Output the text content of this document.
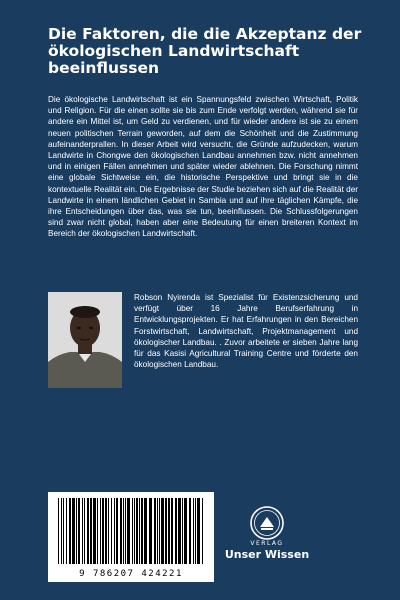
Die Faktoren, die die Akzeptanz der ökologischen Landwirtschaft beeinflussen

Die ökologische Landwirtschaft ist ein Spannungsfeld zwischen Wirtschaft, Politik und Religion. Für die einen sollte sie bis zum Ende verfolgt werden, während sie für andere ein Mittel ist, um Geld zu verdienen, und für wieder andere ist sie zu einem neuen politischen Terrain geworden, auf dem die Schönheit und die Zustimmung aufeinanderprallen. In dieser Arbeit wird versucht, die Gründe aufzudecken, warum Landwirte in Chongwe den ökologischen Landbau annehmen bzw. nicht annehmen und in einigen Fällen annehmen und später wieder ablehnen. Die Forschung nimmt eine globale Sichtweise ein, die historische Perspektive und bringt sie in die kontextuelle Realität ein. Die Ergebnisse der Studie beziehen sich auf die Realität der Landwirte in einem ländlichen Gebiet in Sambia und auf ihre täglichen Kämpfe, die ihre Entscheidungen über das, was sie tun, beeinflussen. Die Schlussfolgerungen sind zwar nicht global, haben aber eine Bedeutung für einen breiteren Kontext im Bereich der ökologischen Landwirtschaft.

Robson Nyirenda ist Spezialist für Existenzsicherung und verfügt über 16 Jahre Berufserfahrung in Entwicklungsprojekten. Er hat Erfahrungen in den Bereichen Forstwirtschaft, Landwirtschaft, Projektmanagement und ökologischer Landbau. . Zuvor arbeitete er sieben Jahre lang für das Kasisi Agricultural Training Centre und förderte den ökologischen Landbau.

9 786207 424221
VERLAG
Unser Wissen
